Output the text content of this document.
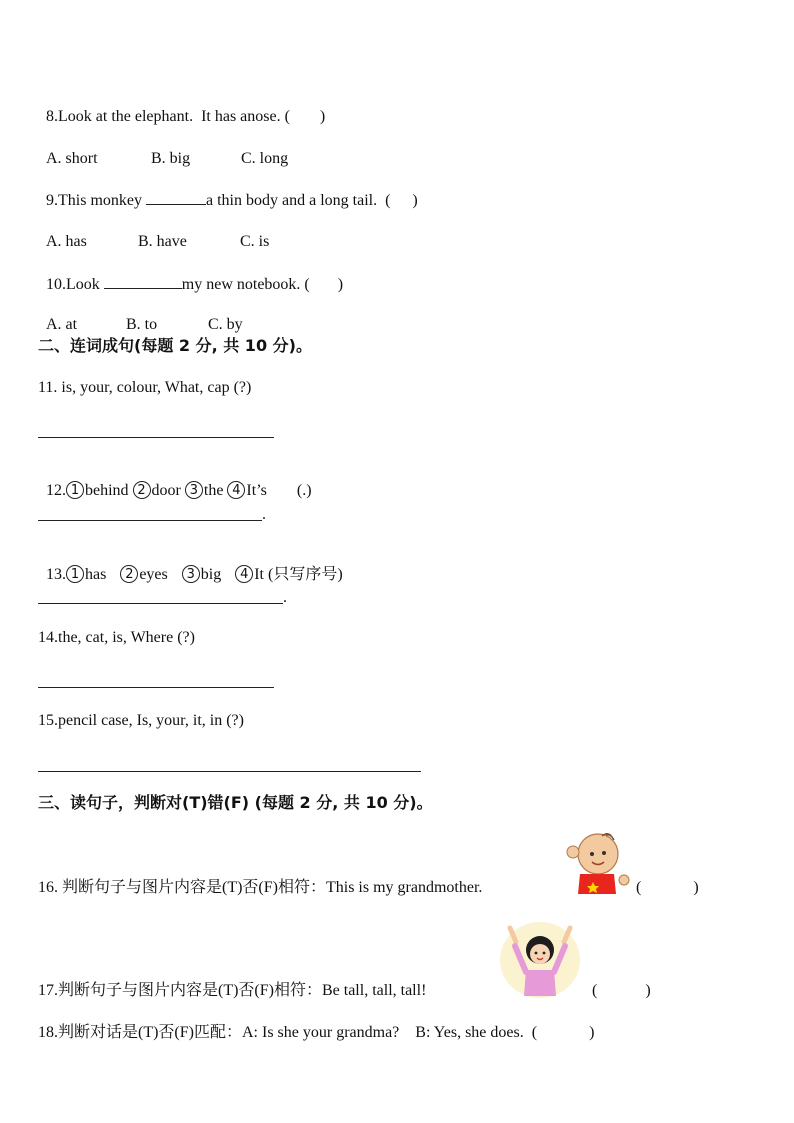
8.Look at the elephant.  It has anose. ( )

A. short	B. big	C. long

9.This monkey	a thin body and a long tail.  ( )

A. has	B. have	C. is

10.Look	my new notebook. ( )

A. at	B. to	C. by

二、连词成句(每题 2 分, 共 10 分)。
11. is, your, colour, What, cap (?)

12. 1 behind 2 door 3 the 4 It’s (.)

.

13. 1 has 2 eyes 3 big 4 It (只写序号)

.
14.the, cat, is, Where (?)
15.pencil case, Is, your, it, in (?)
三、读句子，判断对(T)错(F) (每题 2 分, 共 10 分)。
16. 判断句子与图片内容是(T)否(F)相符：This is my grandmother.	(             )
17.判断句子与图片内容是(T)否(F)相符：Be tall, tall, tall!	(            )
18.判断对话是(T)否(F)匹配：A: Is she your grandma?    B: Yes, she does.  (             )
